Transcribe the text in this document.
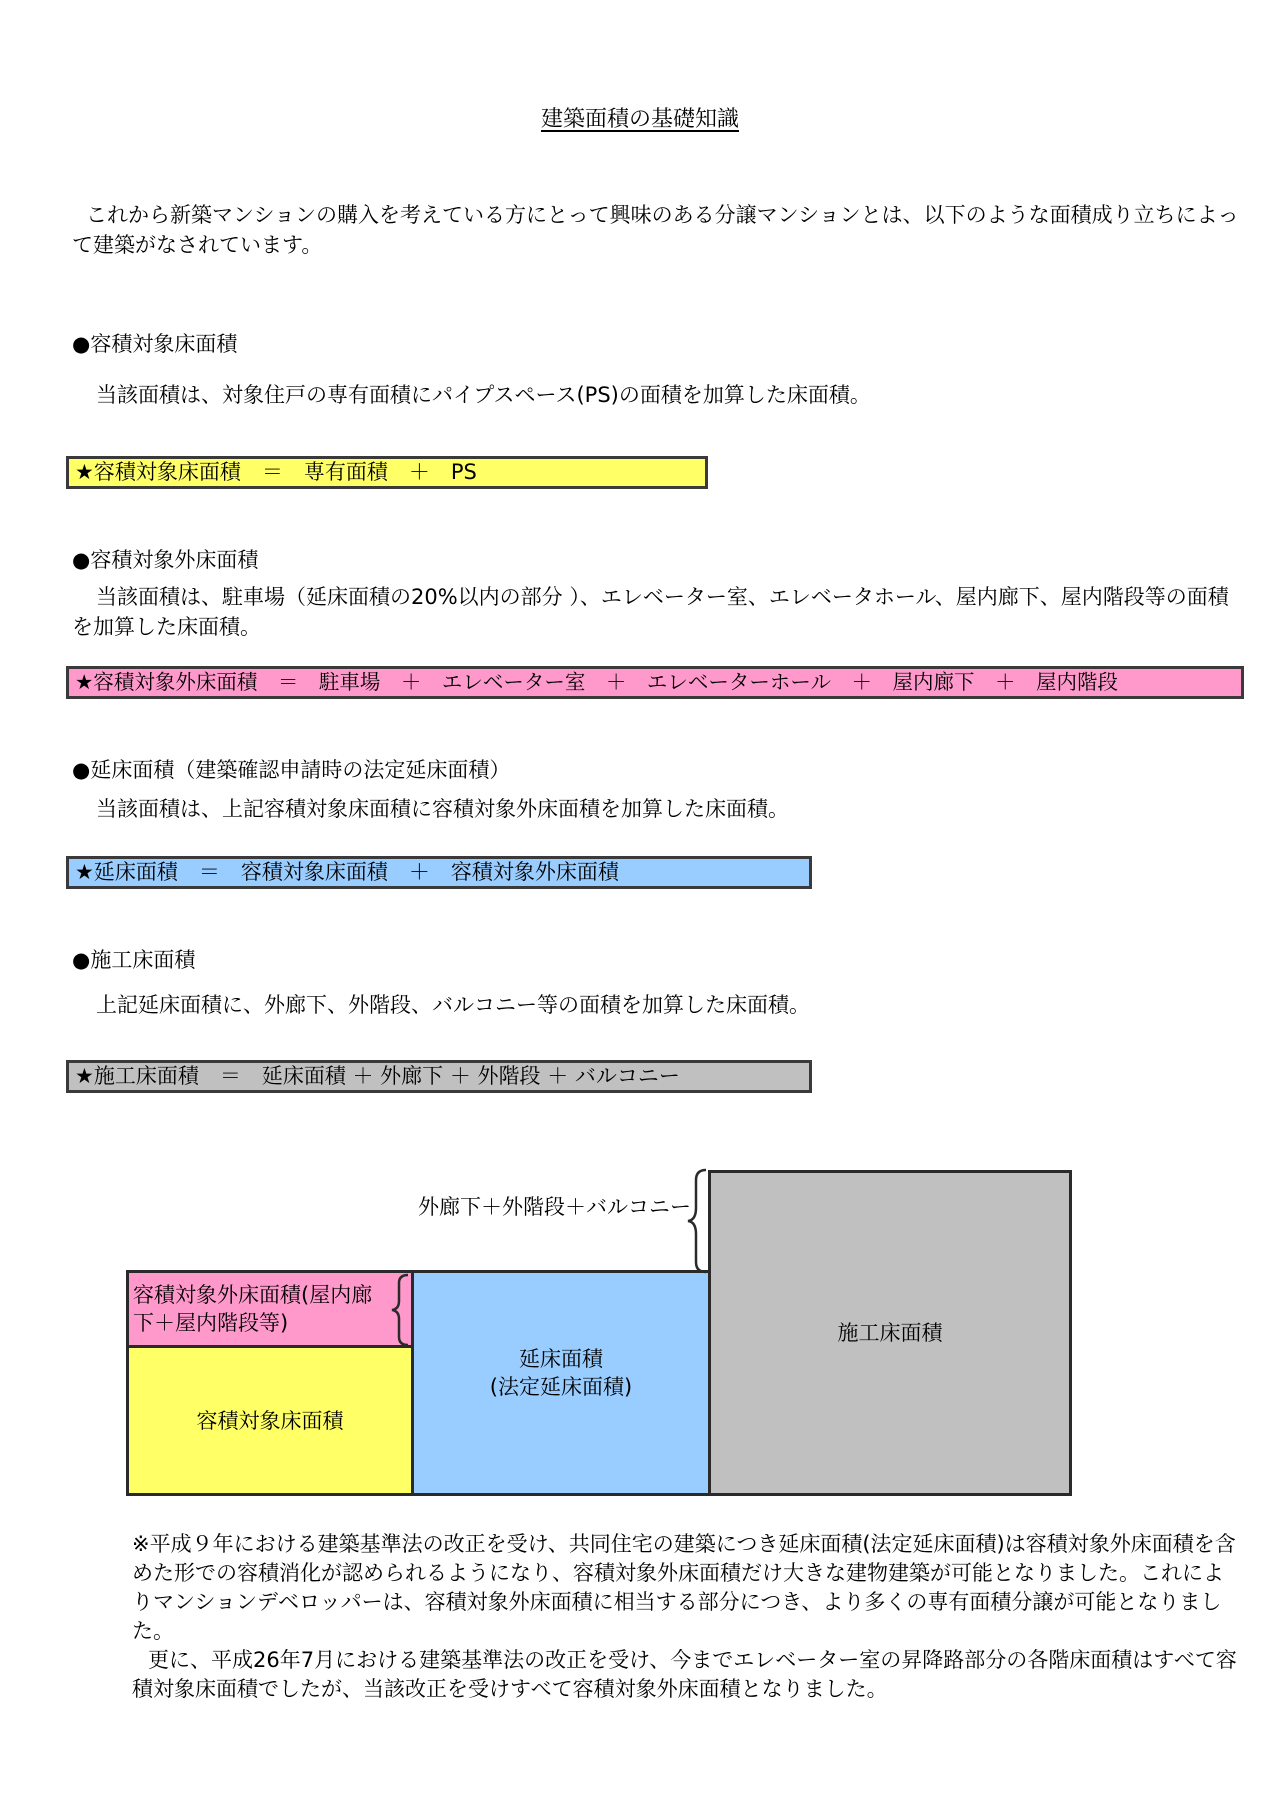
建築面積の基礎知識
これから新築マンションの購入を考えている方にとって興味のある分譲マンションとは、以下のような面積成り立ちによって建築がなされています。
●容積対象床面積
当該面積は、対象住戸の専有面積にパイプスペース(PS)の面積を加算した床面積。
★容積対象床面積　＝　専有面積　＋　PS
●容積対象外床面積
当該面積は、駐車場（延床面積の20%以内の部分 ）、エレベーター室、エレベータホール、屋内廊下、屋内階段等の面積を加算した床面積。
★容積対象外床面積　＝　駐車場　＋　エレベーター室　＋　エレベーターホール　＋　屋内廊下　＋　屋内階段
●延床面積（建築確認申請時の法定延床面積）
当該面積は、上記容積対象床面積に容積対象外床面積を加算した床面積。
★延床面積　＝　容積対象床面積　＋　容積対象外床面積
●施工床面積
上記延床面積に、外廊下、外階段、バルコニー等の面積を加算した床面積。
★施工床面積　＝　延床面積 ＋ 外廊下 ＋ 外階段 ＋ バルコニー
施工床面積
延床面積
(法定延床面積)
容積対象外床面積(屋内廊下＋屋内階段等)
容積対象床面積
外廊下＋外階段＋バルコニー
※平成９年における建築基準法の改正を受け、共同住宅の建築につき延床面積(法定延床面積)は容積対象外床面積を含めた形での容積消化が認められるようになり、容積対象外床面積だけ大きな建物建築が可能となりました。これによりマンションデベロッパーは、容積対象外床面積に相当する部分につき、より多くの専有面積分譲が可能となりました。
更に、平成26年7月における建築基準法の改正を受け、今までエレベーター室の昇降路部分の各階床面積はすべて容積対象床面積でしたが、当該改正を受けすべて容積対象外床面積となりました。
